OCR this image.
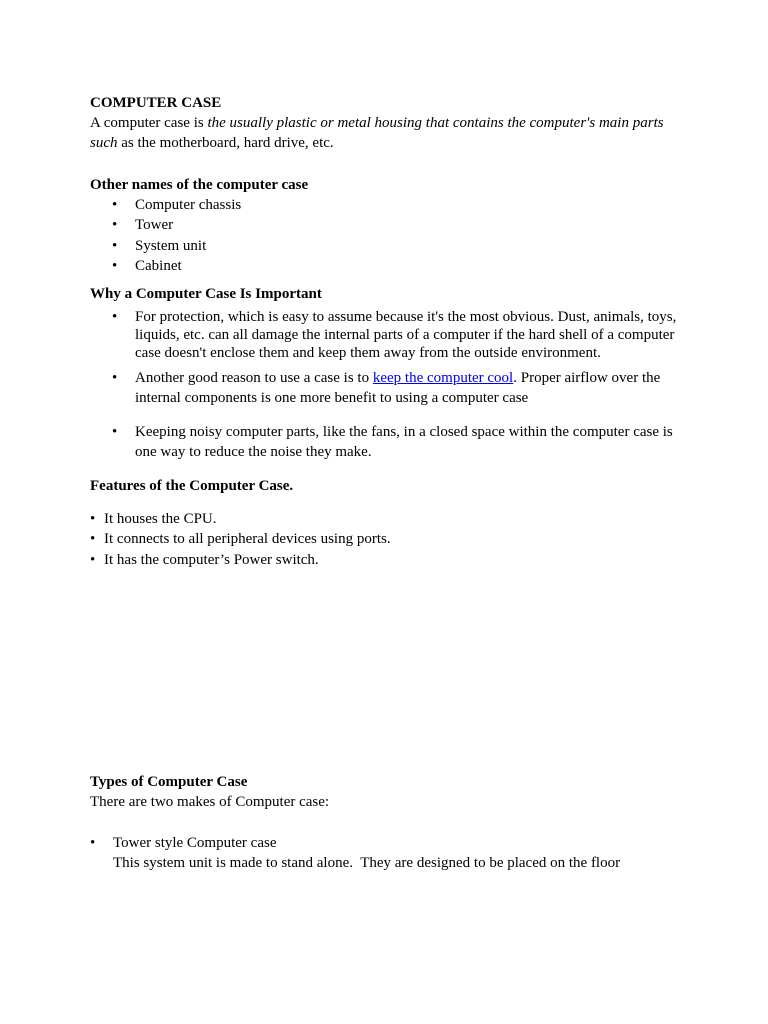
COMPUTER CASE
A computer case is the usually plastic or metal housing that contains the computer's main parts such as the motherboard, hard drive, etc.
Other names of the computer case
• Computer chassis
• Tower
• System unit
• Cabinet
Why a Computer Case Is Important
• For protection, which is easy to assume because it's the most obvious. Dust, animals, toys, liquids, etc. can all damage the internal parts of a computer if the hard shell of a computer case doesn't enclose them and keep them away from the outside environment.
• Another good reason to use a case is to keep the computer cool. Proper airflow over the internal components is one more benefit to using a computer case
• Keeping noisy computer parts, like the fans, in a closed space within the computer case is one way to reduce the noise they make.
Features of the Computer Case.
• It houses the CPU.
• It connects to all peripheral devices using ports.
• It has the computer’s Power switch.
Types of Computer Case
There are two makes of Computer case:
• Tower style Computer case
This system unit is made to stand alone.  They are designed to be placed on the floor
